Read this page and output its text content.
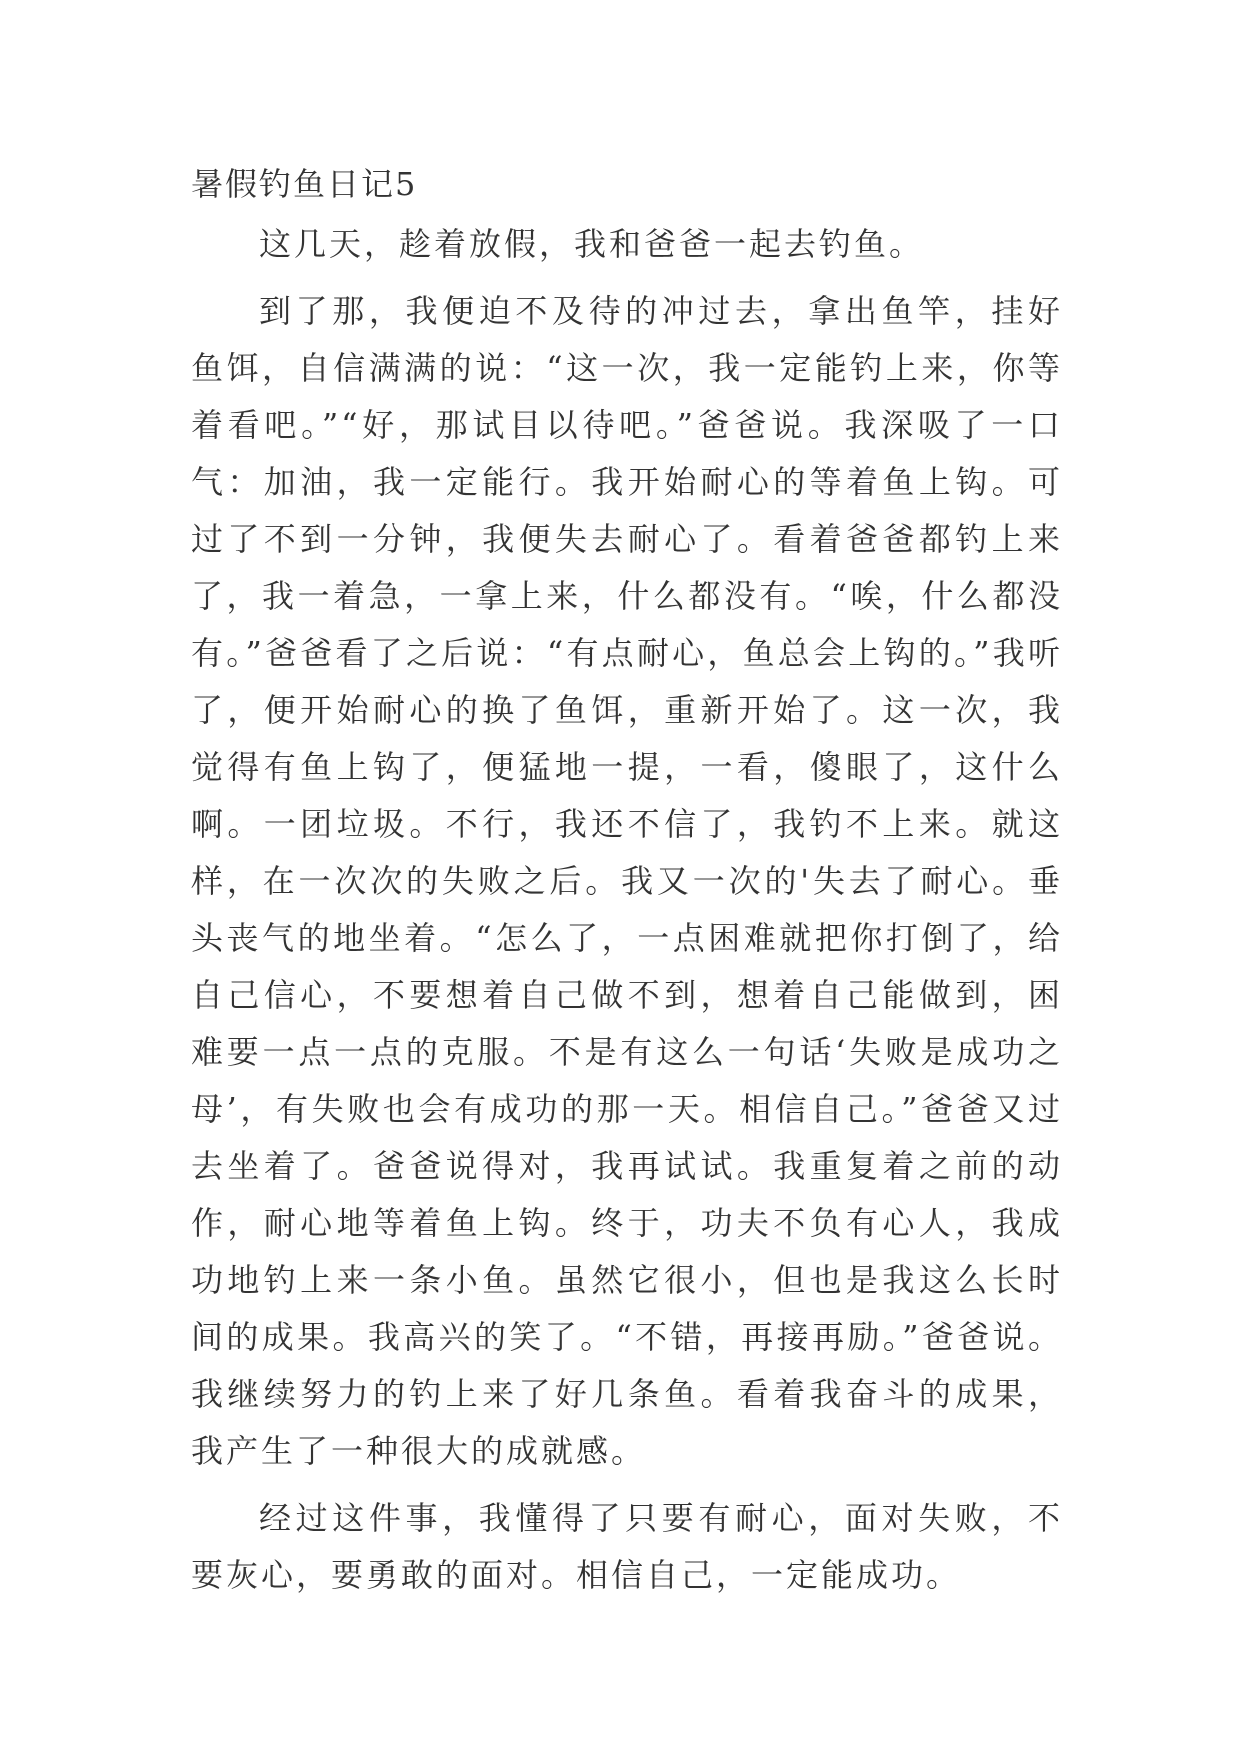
暑假钓鱼日记5

这几天，趁着放假，我和爸爸一起去钓鱼。

到了那，我便迫不及待的冲过去，拿出鱼竿，挂好鱼饵，自信满满的说：“这一次，我一定能钓上来，你等着看吧。”“好，那试目以待吧。”爸爸说。我深吸了一口气：加油，我一定能行。我开始耐心的等着鱼上钩。可过了不到一分钟，我便失去耐心了。看着爸爸都钓上来了，我一着急，一拿上来，什么都没有。“唉，什么都没有。”爸爸看了之后说：“有点耐心，鱼总会上钩的。”我听了，便开始耐心的换了鱼饵，重新开始了。这一次，我觉得有鱼上钩了，便猛地一提，一看，傻眼了，这什么啊。一团垃圾。不行，我还不信了，我钓不上来。就这样，在一次次的失败之后。我又一次的'失去了耐心。垂头丧气的地坐着。“怎么了，一点困难就把你打倒了，给自己信心，不要想着自己做不到，想着自己能做到，困难要一点一点的克服。不是有这么一句话‘失败是成功之母’，有失败也会有成功的那一天。相信自己。”爸爸又过去坐着了。爸爸说得对，我再试试。我重复着之前的动作，耐心地等着鱼上钩。终于，功夫不负有心人，我成功地钓上来一条小鱼。虽然它很小，但也是我这么长时间的成果。我高兴的笑了。“不错，再接再励。”爸爸说。我继续努力的钓上来了好几条鱼。看着我奋斗的成果，我产生了一种很大的成就感。

经过这件事，我懂得了只要有耐心，面对失败，不要灰心，要勇敢的面对。相信自己，一定能成功。
